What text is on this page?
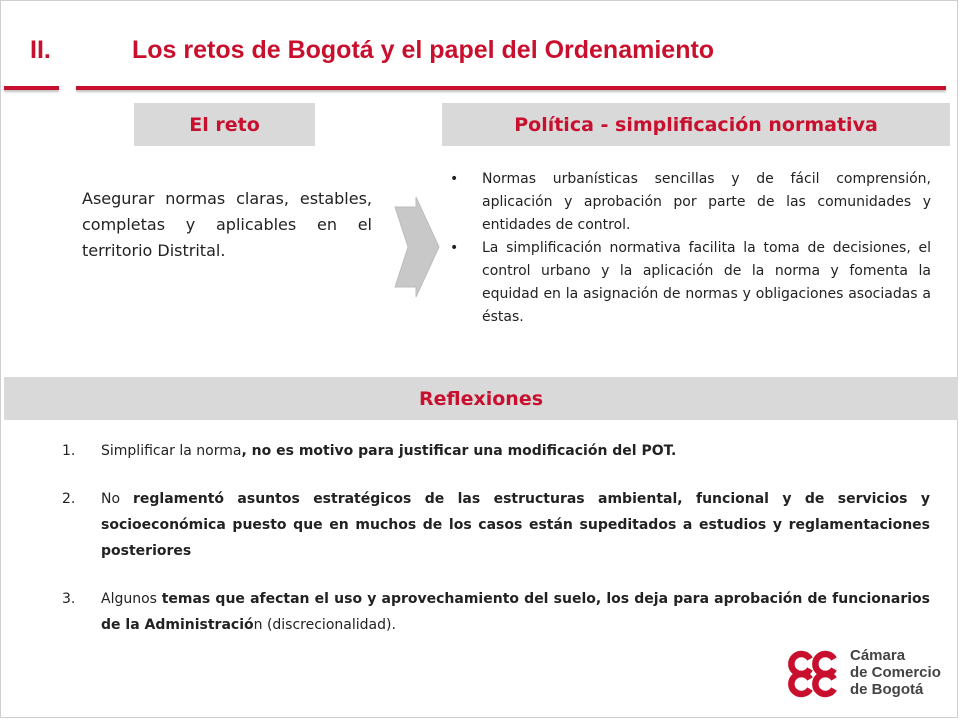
II.	Los retos de Bogotá y el papel del Ordenamiento
El reto	Política - simplificación normativa
Asegurar normas claras, estables, completas y aplicables en el territorio Distrital.
• Normas urbanísticas sencillas y de fácil comprensión, aplicación y aprobación por parte de las comunidades y entidades de control.
• La simplificación normativa facilita la toma de decisiones, el control urbano y la aplicación de la norma y fomenta la equidad en la asignación de normas y obligaciones asociadas a éstas.
Reflexiones
1. Simplificar la norma, no es motivo para justificar una modificación del POT.
2. No reglamentó asuntos estratégicos de las estructuras ambiental, funcional y de servicios y socioeconómica puesto que en muchos de los casos están supeditados a estudios y reglamentaciones posteriores
3. Algunos temas que afectan el uso y aprovechamiento del suelo, los deja para aprobación de funcionarios de la Administración (discrecionalidad).
Cámara
de Comercio
de Bogotá
